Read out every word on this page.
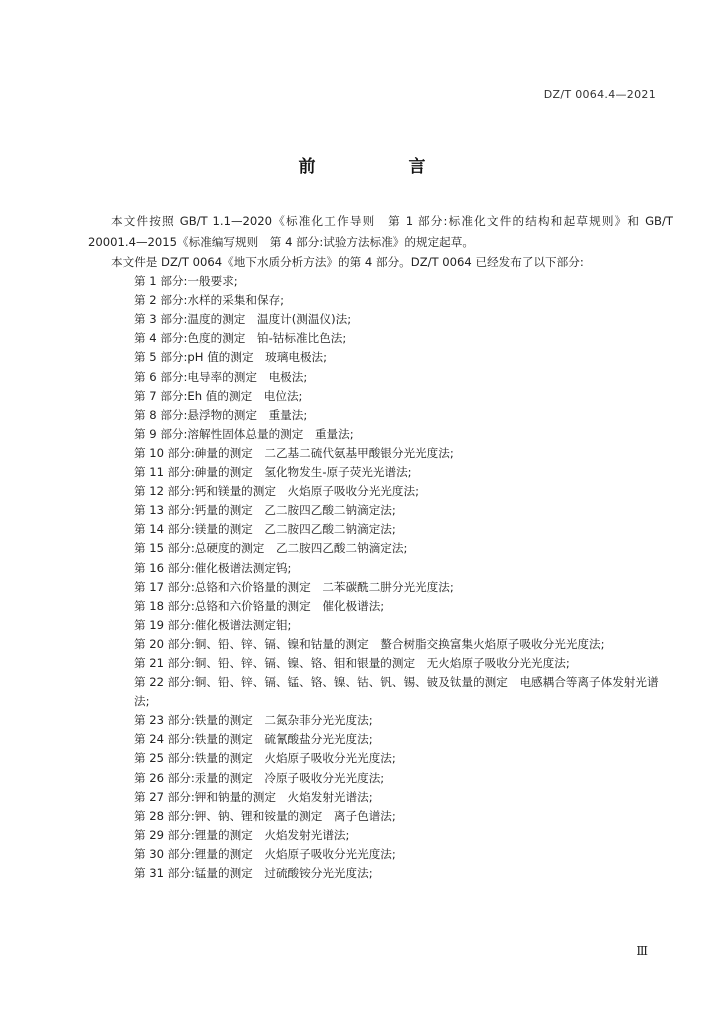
DZ/T 0064.4—2021
前　言

本文件按照 GB/T 1.1—2020《标准化工作导则　第 1 部分:标准化文件的结构和起草规则》和 GB/T 20001.4—2015《标准编写规则　第 4 部分:试验方法标准》的规定起草。

本文件是 DZ/T 0064《地下水质分析方法》的第 4 部分。DZ/T 0064 已经发布了以下部分:

第 1 部分:一般要求;
第 2 部分:水样的采集和保存;
第 3 部分:温度的测定　温度计(测温仪)法;
第 4 部分:色度的测定　铂-钴标准比色法;
第 5 部分:pH 值的测定　玻璃电极法;
第 6 部分:电导率的测定　电极法;
第 7 部分:Eh 值的测定　电位法;
第 8 部分:悬浮物的测定　重量法;
第 9 部分:溶解性固体总量的测定　重量法;
第 10 部分:砷量的测定　二乙基二硫代氨基甲酸银分光光度法;
第 11 部分:砷量的测定　氢化物发生-原子荧光光谱法;
第 12 部分:钙和镁量的测定　火焰原子吸收分光光度法;
第 13 部分:钙量的测定　乙二胺四乙酸二钠滴定法;
第 14 部分:镁量的测定　乙二胺四乙酸二钠滴定法;
第 15 部分:总硬度的测定　乙二胺四乙酸二钠滴定法;
第 16 部分:催化极谱法测定钨;
第 17 部分:总铬和六价铬量的测定　二苯碳酰二肼分光光度法;
第 18 部分:总铬和六价铬量的测定　催化极谱法;
第 19 部分:催化极谱法测定钼;
第 20 部分:铜、铅、锌、镉、镍和钴量的测定　螯合树脂交换富集火焰原子吸收分光光度法;
第 21 部分:铜、铅、锌、镉、镍、铬、钼和银量的测定　无火焰原子吸收分光光度法;
第 22 部分:铜、铅、锌、镉、锰、铬、镍、钴、钒、锡、铍及钛量的测定　电感耦合等离子体发射光谱法;
第 23 部分:铁量的测定　二氮杂菲分光光度法;
第 24 部分:铁量的测定　硫氰酸盐分光光度法;
第 25 部分:铁量的测定　火焰原子吸收分光光度法;
第 26 部分:汞量的测定　冷原子吸收分光光度法;
第 27 部分:钾和钠量的测定　火焰发射光谱法;
第 28 部分:钾、钠、锂和铵量的测定　离子色谱法;
第 29 部分:锂量的测定　火焰发射光谱法;
第 30 部分:锂量的测定　火焰原子吸收分光光度法;
第 31 部分:锰量的测定　过硫酸铵分光光度法;
Ⅲ
